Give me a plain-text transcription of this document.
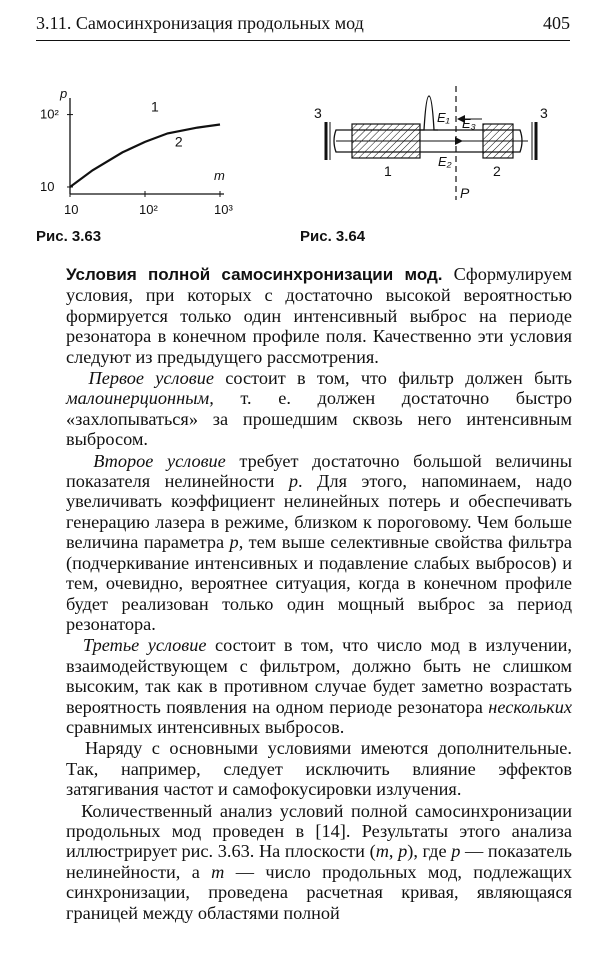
3.11. Самосинхронизация продольных мод	405
p
m
10²
10
10	10²	10³
1
2
Рис. 3.63
3	3
1	2
E₁ E₃
E₂
P
Рис. 3.64

Условия полной самосинхронизации мод. Сформулируем условия, при которых с достаточно высокой вероятностью формируется только один интенсивный выброс на периоде резонатора в конечном профиле поля. Качественно эти условия следуют из предыдущего рассмотрения.

Первое условие состоит в том, что фильтр должен быть малоинерционным, т. е. должен достаточно быстро «захлопываться» за прошедшим сквозь него интенсивным выбросом.

Второе условие требует достаточно большой величины показателя нелинейности p. Для этого, напоминаем, надо увеличивать коэффициент нелинейных потерь и обеспечивать генерацию лазера в режиме, близком к пороговому. Чем больше величина параметра p, тем выше селективные свойства фильтра (подчеркивание интенсивных и подавление слабых выбросов) и тем, очевидно, вероятнее ситуация, когда в конечном профиле будет реализован только один мощный выброс за период резонатора.

Третье условие состоит в том, что число мод в излучении, взаимодействующем с фильтром, должно быть не слишком высоким, так как в противном случае будет заметно возрастать вероятность появления на одном периоде резонатора нескольких сравнимых интенсивных выбросов.

Наряду с основными условиями имеются дополнительные. Так, например, следует исключить влияние эффектов затягивания частот и самофокусировки излучения.

Количественный анализ условий полной самосинхронизации продольных мод проведен в [14]. Результаты этого анализа иллюстрирует рис. 3.63. На плоскости (m, p), где p — показатель нелинейности, а m — число продольных мод, подлежащих синхронизации, проведена расчетная кривая, являющаяся границей между областями полной
